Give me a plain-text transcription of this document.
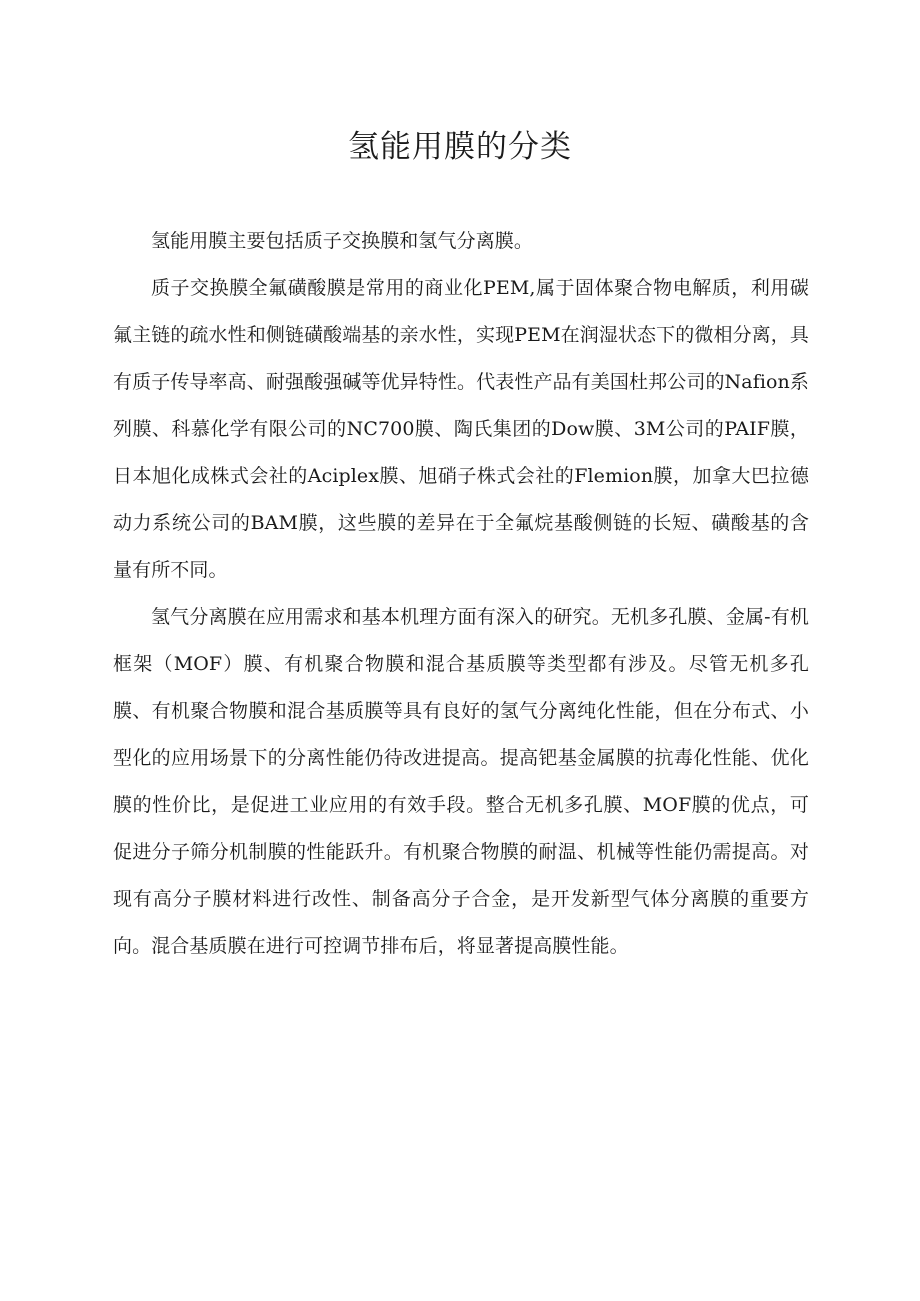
氢能用膜的分类

氢能用膜主要包括质子交换膜和氢气分离膜。

质子交换膜全氟磺酸膜是常用的商业化PEM,属于固体聚合物电解质，利用碳氟主链的疏水性和侧链磺酸端基的亲水性，实现PEM在润湿状态下的微相分离，具有质子传导率高、耐强酸强碱等优异特性。代表性产品有美国杜邦公司的Nafion系列膜、科慕化学有限公司的NC700膜、陶氏集团的Dow膜、3M公司的PAIF膜，日本旭化成株式会社的Aciplex膜、旭硝子株式会社的Flemion膜，加拿大巴拉德动力系统公司的BAM膜，这些膜的差异在于全氟烷基酸侧链的长短、磺酸基的含量有所不同。

氢气分离膜在应用需求和基本机理方面有深入的研究。无机多孔膜、金属-有机框架（MOF）膜、有机聚合物膜和混合基质膜等类型都有涉及。尽管无机多孔膜、有机聚合物膜和混合基质膜等具有良好的氢气分离纯化性能，但在分布式、小型化的应用场景下的分离性能仍待改进提高。提高钯基金属膜的抗毒化性能、优化膜的性价比，是促进工业应用的有效手段。整合无机多孔膜、MOF膜的优点，可促进分子筛分机制膜的性能跃升。有机聚合物膜的耐温、机械等性能仍需提高。对现有高分子膜材料进行改性、制备高分子合金，是开发新型气体分离膜的重要方向。混合基质膜在进行可控调节排布后，将显著提高膜性能。
